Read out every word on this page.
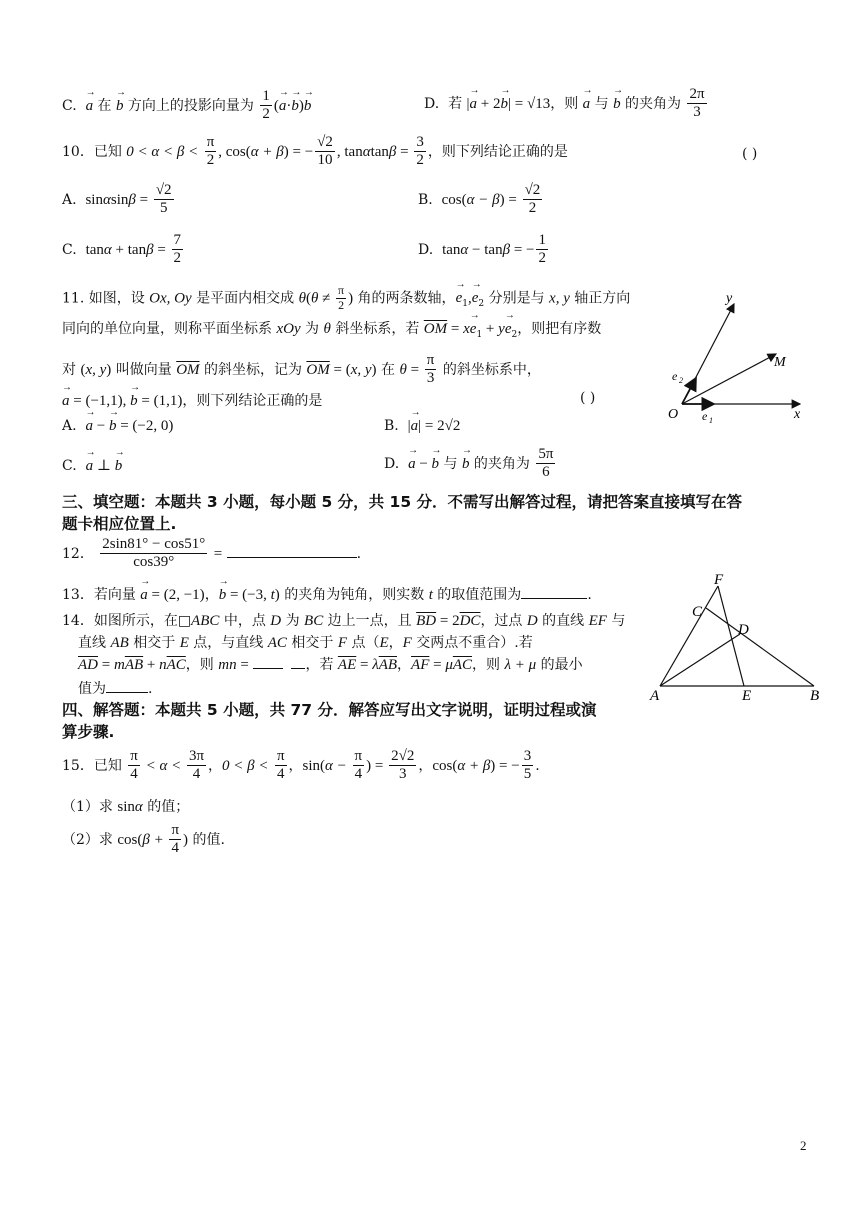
C.  → a 在 → b 方向上的投影向量为 $\frac{1}{2}$ (→ a·→ b)→ b	D.  若 |→ a + 2→ b| = √13，则 → a 与 → b 的夹角为 $\frac{2\pi}{3}$
10．已知 $0 < \alpha < \beta < \frac{\pi}{2}$ , cos(α + β) = − $\frac{√2}{10}$ , $\tan\alpha\tan\beta = \frac{3}{2}$ ，则下列结论正确的是	( )
A.  $\sin\alpha\sin\beta = \frac{√2}{5}$	B.  $\cos(\alpha - \beta) = \frac{√2}{2}$
C.  $\tan\alpha + \tan\beta = \frac{7}{2}$	D.  tanα − tanβ = − $\frac{1}{2}$
11. 如图，设 Ox, Oy 是平面内相交成 $\theta(\theta \ne \frac{\pi}{2}$ ) 角的两条数轴，→ $e_1,\to e_2$ 分别是与 x, y 轴正方向
同向的单位向量，则称平面坐标系 xOy 为 θ 斜坐标系，若 $\overline{OM} = x\to e_1 + y\to e_2$，则把有序数
对 (x, y) 叫做向量 $\overline{OM}$ 的斜坐标，记为 $\overline{OM} = (x$, y) 在 $\theta = \frac{\pi}{3}$ 的斜坐标系中，
→ a = (−1,1), → b = (1,1)，则下列结论正确的是	( )
A.  → a − → b = (−2, 0)	B.  |→ a| = 2√2
C.  → a ⊥ → b	D.  → a − → b 与 → b 的夹角为 $\frac{5\pi}{6}$
y
x
O
M
e 1
e 2
三、填空题：本题共 3 小题，每小题 5 分，共 15 分．不需写出解答过程，请把答案直接填写在答
题卡相应位置上.
12． $\frac{2\sin 81^\circ - \cos 51^\circ}{\cos 39^\circ}$ =	.
13．若向量 → a = (2, −1)，→ b = (−3, t) 的夹角为钝角，则实数 t 的取值范围为	.
14．如图所示，在□ABC 中，点 D 为 BC 边上一点，且 $\overline{BD} = 2\overline{DC}$，过点 D 的直线 EF 与
直线 AB 相交于 E 点，与直线 AC 相交于 F 点（E，F 交两点不重合）.若
$\overline{AD} = m\overline{AB} + n\overline{AC}$，则 mn =	，若 $\overline{AE} = \lambda\overline{AB}$，$\overline{AF} = \mu\overline{AC}$，则 λ + μ 的最小
值为	.
F
C
D
A	E	B
四、解答题：本题共 5 小题，共 77 分．解答应写出文字说明，证明过程或演
算步骤.
15．已知 $\frac{\pi}{4} < \alpha < \frac{3\pi}{4}$ ，$0 < \beta < \frac{\pi}{4}$ ，$\sin(\alpha - \frac{\pi}{4}$ ) = $\frac{2√2}{3}$ ，cos(α + β) = − $\frac{3}{5}$ .
（1）求 sinα 的值；
（2）求 $\cos(\beta + \frac{\pi}{4}$ ) 的值.
2
